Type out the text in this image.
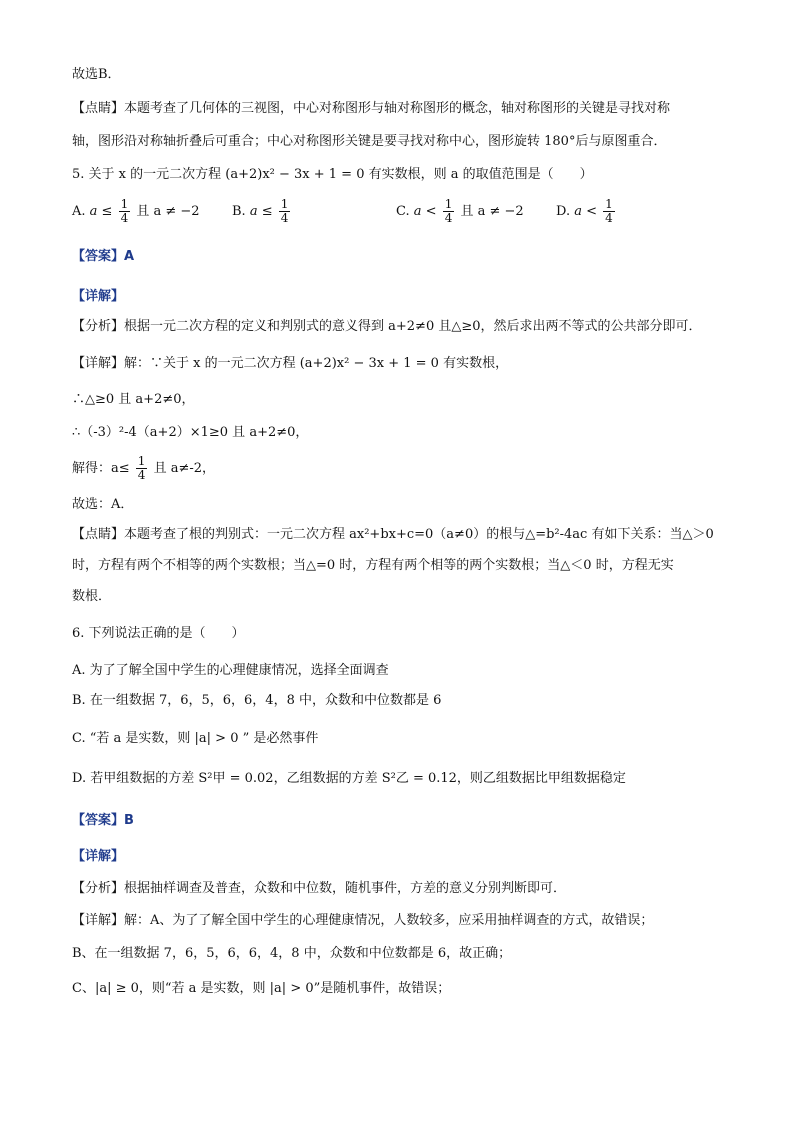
故选B．
【点睛】本题考查了几何体的三视图，中心对称图形与轴对称图形的概念，轴对称图形的关键是寻找对称
轴，图形沿对称轴折叠后可重合；中心对称图形关键是要寻找对称中心，图形旋转 180°后与原图重合．
5. 关于 x 的一元二次方程 (a+2)x² − 3x + 1 = 0 有实数根，则 a 的取值范围是（　　）
A. $a \le \frac{1}{4}$ 且 a ≠ −2 B. $a \le \frac{1}{4}$	C. $a < \frac{1}{4}$ 且 a ≠ −2 D. $a < \frac{1}{4}$
【答案】A
【详解】
【分析】根据一元二次方程的定义和判别式的意义得到 a+2≠0 且△≥0，然后求出两不等式的公共部分即可．
【详解】解：∵关于 x 的一元二次方程 (a+2)x² − 3x + 1 = 0 有实数根，
∴△≥0 且 a+2≠0，
∴（-3）²-4（a+2）×1≥0 且 a+2≠0，
解得：$a\le \frac{1}{4}$ 且 a≠-2，
故选：A．
【点睛】本题考查了根的判别式：一元二次方程 ax²+bx+c=0（a≠0）的根与△=b²-4ac 有如下关系：当△＞0
时，方程有两个不相等的两个实数根；当△=0 时，方程有两个相等的两个实数根；当△＜0 时，方程无实
数根．
6. 下列说法正确的是（　　）
A. 为了了解全国中学生的心理健康情况，选择全面调查
B. 在一组数据 7，6，5，6，6，4，8 中，众数和中位数都是 6
C. “若 a 是实数，则 |a| > 0 ” 是必然事件
D. 若甲组数据的方差 S²甲 = 0.02，乙组数据的方差 S²乙 = 0.12，则乙组数据比甲组数据稳定
【答案】B
【详解】
【分析】根据抽样调查及普查，众数和中位数，随机事件，方差的意义分别判断即可．
【详解】解：A、为了了解全国中学生的心理健康情况，人数较多，应采用抽样调查的方式，故错误；
B、在一组数据 7，6，5，6，6，4，8 中，众数和中位数都是 6，故正确；
C、|a| ≥ 0，则“若 a 是实数，则 |a| > 0”是随机事件，故错误；
